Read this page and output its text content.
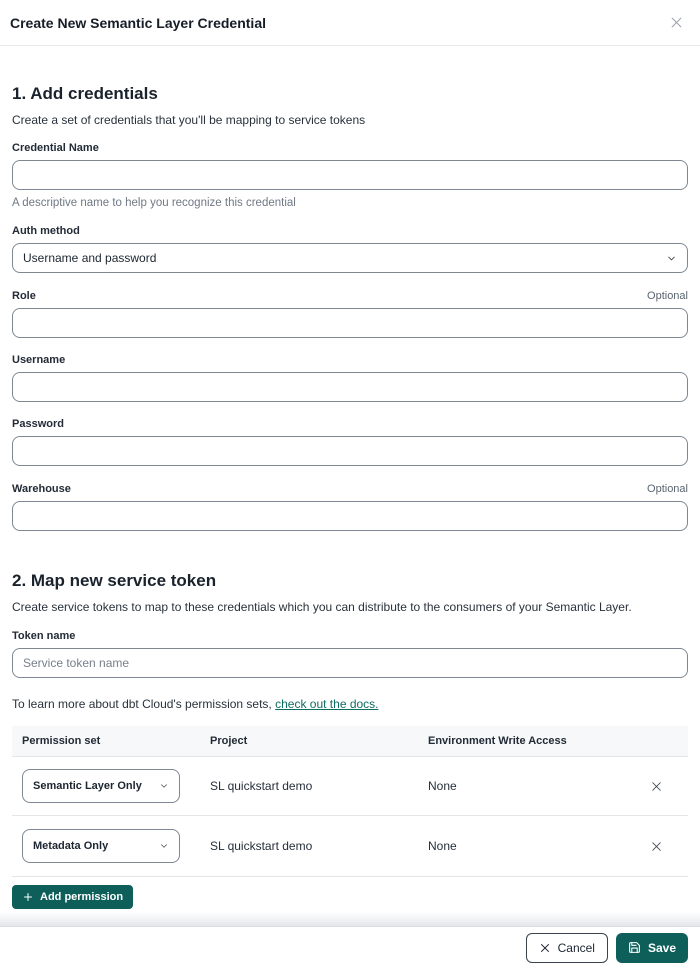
Create New Semantic Layer Credential
1. Add credentials
Create a set of credentials that you'll be mapping to service tokens
Credential Name
A descriptive name to help you recognize this credential
Auth method
Username and password
Role	Optional
Username
Password
Warehouse	Optional
2. Map new service token
Create service tokens to map to these credentials which you can distribute to the consumers of your Semantic Layer.
Token name
Service token name
To learn more about dbt Cloud's permission sets, check out the docs.
Permission set	Project	Environment Write Access
Semantic Layer Only	SL quickstart demo	None
Metadata Only	SL quickstart demo	None
Add permission
Cancel	Save
